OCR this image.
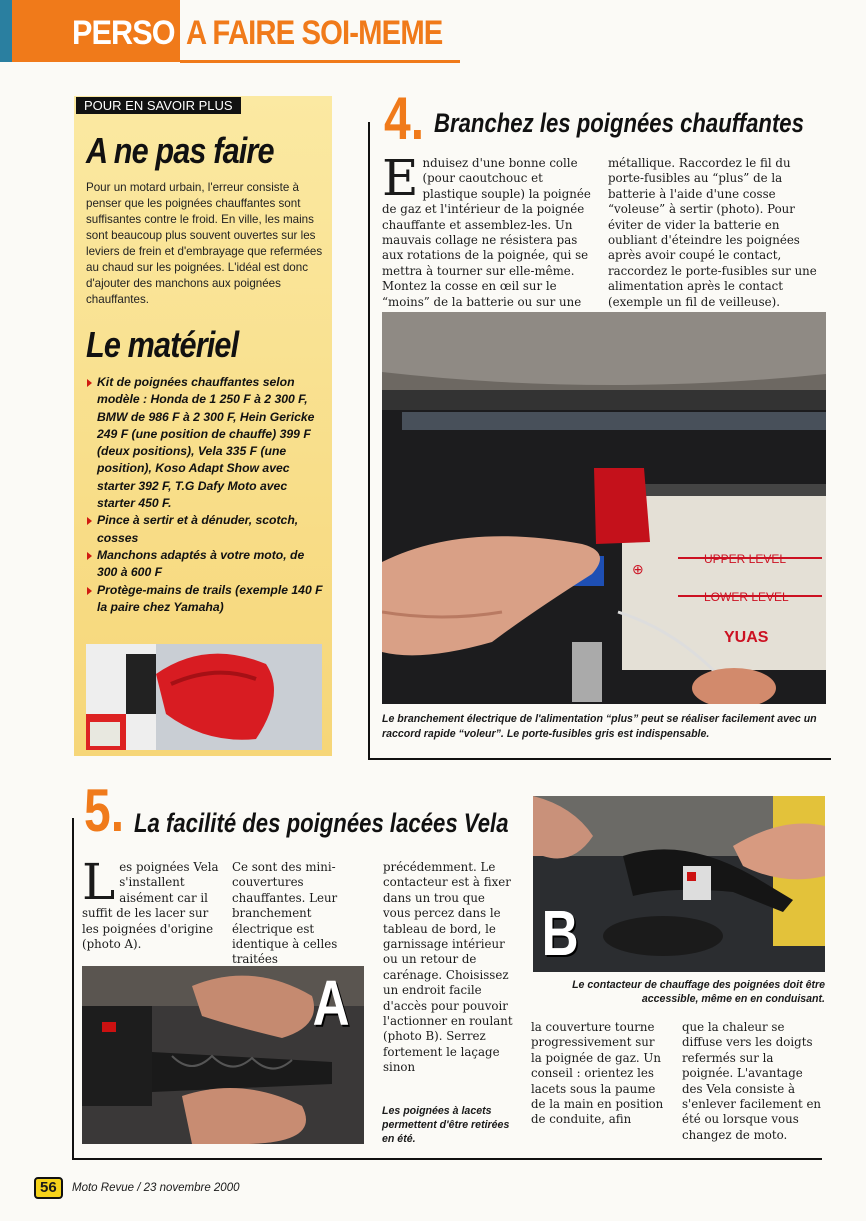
PERSO A FAIRE SOI-MEME
POUR EN SAVOIR PLUS
A ne pas faire
Pour un motard urbain, l'erreur consiste à penser que les poignées chauffantes sont suffisantes contre le froid. En ville, les mains sont beaucoup plus souvent ouvertes sur les leviers de frein et d'embrayage que refermées au chaud sur les poignées. L'idéal est donc d'ajouter des manchons aux poignées chauffantes.
Le matériel
Kit de poignées chauffantes selon modèle : Honda de 1 250 F à 2 300 F, BMW de 986 F à 2 300 F, Hein Gericke 249 F (une position de chauffe) 399 F (deux positions), Vela 335 F (une position), Koso Adapt Show avec starter 392 F, T.G Dafy Moto avec starter 450 F.
Pince à sertir et à dénuder, scotch, cosses
Manchons adaptés à votre moto, de 300 à 600 F
Protège-mains de trails (exemple 140 F la paire chez Yamaha)
4. Branchez les poignées chauffantes
Enduisez d'une bonne colle (pour caoutchouc et plastique souple) la poignée de gaz et l'intérieur de la poignée chauffante et assemblez-les. Un mauvais collage ne résistera pas aux rotations de la poignée, qui se mettra à tourner sur elle-même. Montez la cosse en œil sur le “moins” de la batterie ou sur une
métallique. Raccordez le fil du porte-fusibles au “plus” de la batterie à l'aide d'une cosse “voleuse” à sertir (photo). Pour éviter de vider la batterie en oubliant d'éteindre les poignées après avoir coupé le contact, raccordez le porte-fusibles sur une alimentation après le contact (exemple un fil de veilleuse).
UPPER LEVEL
LOWER LEVEL
⊕
YUAS
Le branchement électrique de l'alimentation “plus” peut se réaliser facilement avec un raccord rapide “voleur”. Le porte-fusibles gris est indispensable.
5. La facilité des poignées lacées Vela
Les poignées Vela s'installent aisément car il suffit de les lacer sur les poignées d'origine (photo A).
Ce sont des mini-couvertures chauffantes. Leur branchement électrique est identique à celles traitées
précédemment. Le contacteur est à fixer dans un trou que vous percez dans le tableau de bord, le garnissage intérieur ou un retour de carénage. Choisissez un endroit facile d'accès pour pouvoir l'actionner en roulant (photo B). Serrez fortement le laçage sinon
la couverture tourne progressivement sur la poignée de gaz. Un conseil : orientez les lacets sous la paume de la main en position de conduite, afin
que la chaleur se diffuse vers les doigts refermés sur la poignée. L'avantage des Vela consiste à s'enlever facilement en été ou lorsque vous changez de moto.
A
Les poignées à lacets permettent d'être retirées en été.
B
Le contacteur de chauffage des poignées doit être accessible, même en en conduisant.
56	Moto Revue / 23 novembre 2000
